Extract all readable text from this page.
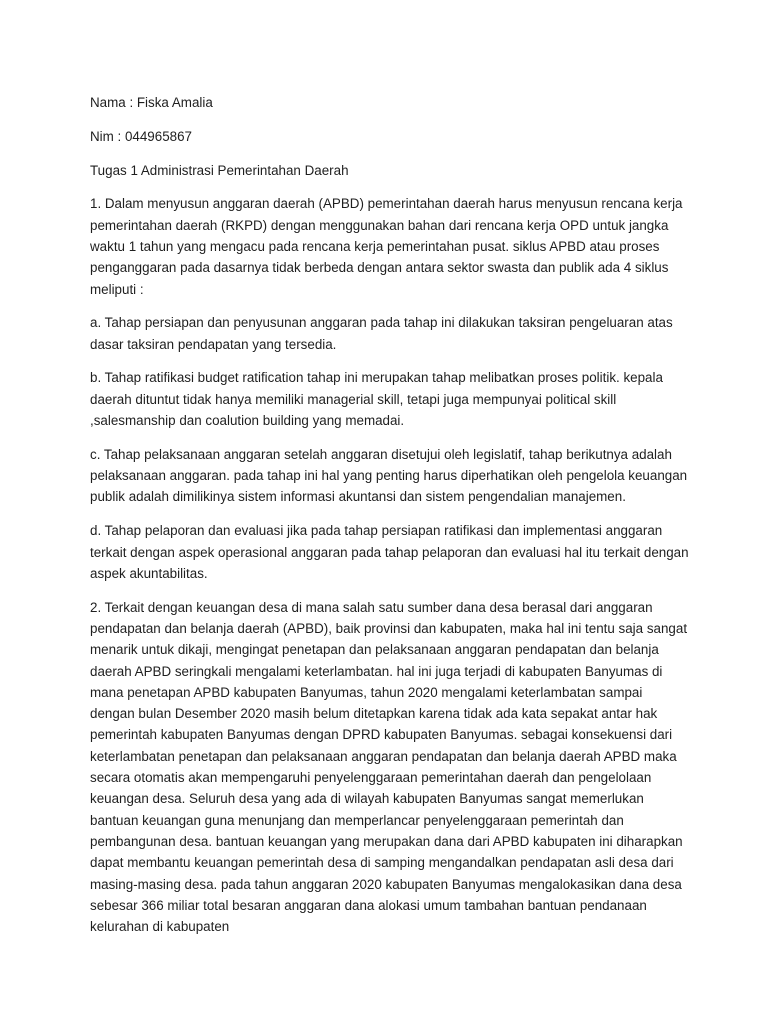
Nama : Fiska Amalia

Nim : 044965867

Tugas 1 Administrasi Pemerintahan Daerah

1. Dalam menyusun anggaran daerah (APBD) pemerintahan daerah harus menyusun rencana kerja pemerintahan daerah (RKPD) dengan menggunakan bahan dari rencana kerja OPD untuk jangka waktu 1 tahun yang mengacu pada rencana kerja pemerintahan pusat. siklus APBD atau proses penganggaran pada dasarnya tidak berbeda dengan antara sektor swasta dan publik ada 4 siklus meliputi :

a. Tahap persiapan dan penyusunan anggaran pada tahap ini dilakukan taksiran pengeluaran atas dasar taksiran pendapatan yang tersedia.

b. Tahap ratifikasi budget ratification tahap ini merupakan tahap melibatkan proses politik. kepala daerah dituntut tidak hanya memiliki managerial skill, tetapi juga mempunyai political skill ,salesmanship dan coalution building yang memadai.

c. Tahap pelaksanaan anggaran setelah anggaran disetujui oleh legislatif, tahap berikutnya adalah pelaksanaan anggaran. pada tahap ini hal yang penting harus diperhatikan oleh pengelola keuangan publik adalah dimilikinya sistem informasi akuntansi dan sistem pengendalian manajemen.

d. Tahap pelaporan dan evaluasi jika pada tahap persiapan ratifikasi dan implementasi anggaran terkait dengan aspek operasional anggaran pada tahap pelaporan dan evaluasi hal itu terkait dengan aspek akuntabilitas.

2. Terkait dengan keuangan desa di mana salah satu sumber dana desa berasal dari anggaran pendapatan dan belanja daerah (APBD), baik provinsi dan kabupaten, maka hal ini tentu saja sangat menarik untuk dikaji, mengingat penetapan dan pelaksanaan anggaran pendapatan dan belanja daerah APBD seringkali mengalami keterlambatan. hal ini juga terjadi di kabupaten Banyumas di mana penetapan APBD kabupaten Banyumas, tahun 2020 mengalami keterlambatan sampai dengan bulan Desember 2020 masih belum ditetapkan karena tidak ada kata sepakat antar hak pemerintah kabupaten Banyumas dengan DPRD kabupaten Banyumas. sebagai konsekuensi dari keterlambatan penetapan dan pelaksanaan anggaran pendapatan dan belanja daerah APBD maka secara otomatis akan mempengaruhi penyelenggaraan pemerintahan daerah dan pengelolaan keuangan desa. Seluruh desa yang ada di wilayah kabupaten Banyumas sangat memerlukan bantuan keuangan guna menunjang dan memperlancar penyelenggaraan pemerintah dan pembangunan desa. bantuan keuangan yang merupakan dana dari APBD kabupaten ini diharapkan dapat membantu keuangan pemerintah desa di samping mengandalkan pendapatan asli desa dari masing-masing desa. pada tahun anggaran 2020 kabupaten Banyumas mengalokasikan dana desa sebesar 366 miliar total besaran anggaran dana alokasi umum tambahan bantuan pendanaan kelurahan di kabupaten
